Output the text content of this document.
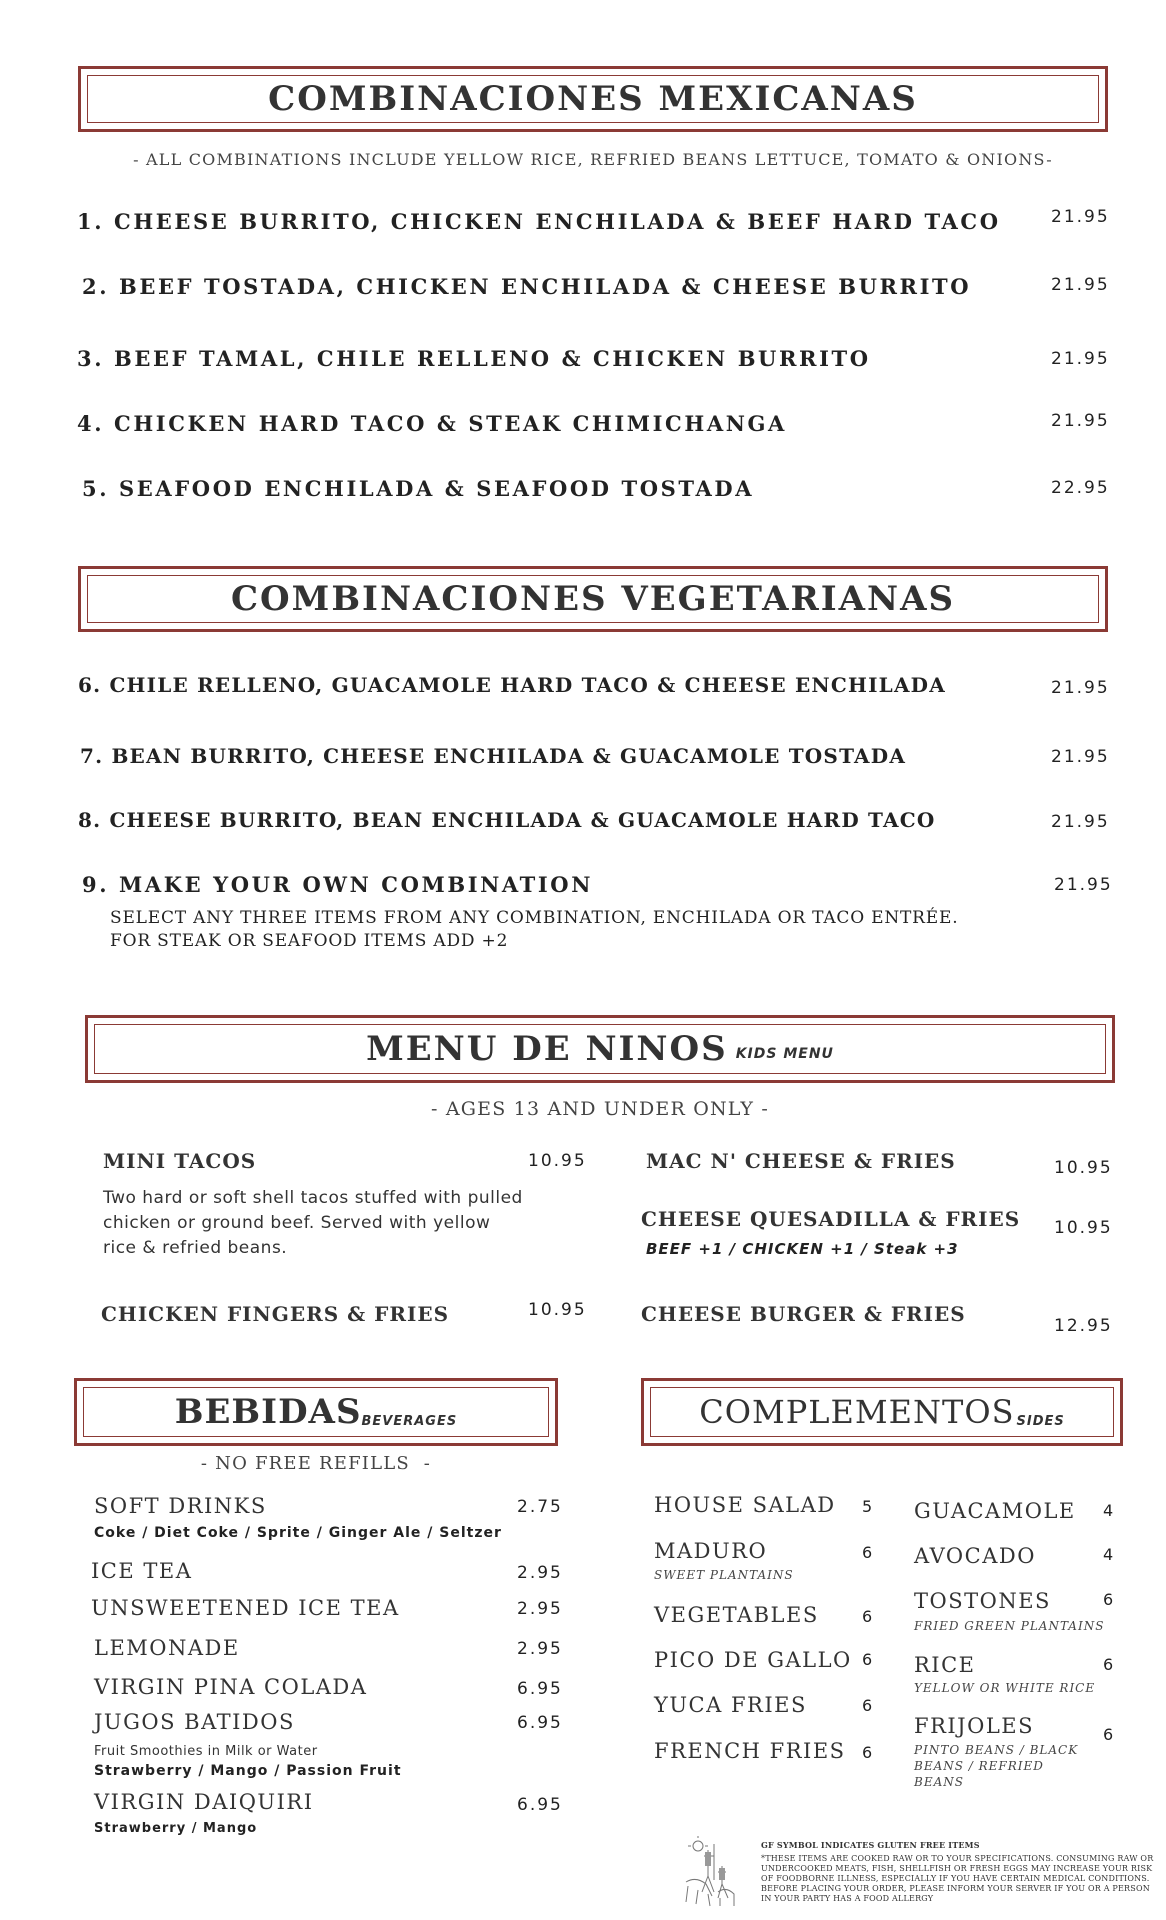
COMBINACIONES MEXICANAS
- ALL COMBINATIONS INCLUDE YELLOW RICE, REFRIED BEANS LETTUCE, TOMATO & ONIONS-
1. CHEESE BURRITO, CHICKEN ENCHILADA & BEEF HARD TACO	21.95
2. BEEF TOSTADA, CHICKEN ENCHILADA & CHEESE BURRITO	21.95
3. BEEF TAMAL, CHILE RELLENO & CHICKEN BURRITO	21.95
4. CHICKEN HARD TACO & STEAK CHIMICHANGA	21.95
5. SEAFOOD ENCHILADA & SEAFOOD TOSTADA	22.95
COMBINACIONES VEGETARIANAS
6. CHILE RELLENO, GUACAMOLE HARD TACO & CHEESE ENCHILADA	21.95
7. BEAN BURRITO, CHEESE ENCHILADA & GUACAMOLE TOSTADA	21.95
8. CHEESE BURRITO, BEAN ENCHILADA & GUACAMOLE HARD TACO	21.95
9. MAKE YOUR OWN COMBINATION	21.95
SELECT ANY THREE ITEMS FROM ANY COMBINATION, ENCHILADA OR TACO ENTRÉE.
FOR STEAK OR SEAFOOD ITEMS ADD +2
MENU DE NINOS KIDS MENU
- AGES 13 AND UNDER ONLY -
MINI TACOS	10.95
Two hard or soft shell tacos stuffed with pulled chicken or ground beef. Served with yellow rice & refried beans.
CHICKEN FINGERS & FRIES	10.95
MAC N' CHEESE & FRIES	10.95
CHEESE QUESADILLA & FRIES 10.95
BEEF +1 / CHICKEN +1 / Steak +3
CHEESE BURGER & FRIES	12.95
BEBIDAS BEVERAGES
- NO FREE REFILLS  -
SOFT DRINKS	2.75
Coke / Diet Coke / Sprite / Ginger Ale / Seltzer
ICE TEA	2.95
UNSWEETENED ICE TEA	2.95
LEMONADE	2.95
VIRGIN PINA COLADA	6.95
JUGOS BATIDOS	6.95
Fruit Smoothies in Milk or Water
Strawberry / Mango / Passion Fruit
VIRGIN DAIQUIRI	6.95
Strawberry / Mango
COMPLEMENTOS SIDES
HOUSE SALAD 5
MADURO	6
SWEET PLANTAINS
VEGETABLES	6
PICO DE GALLO 6
YUCA FRIES	6
FRENCH FRIES 6
GUACAMOLE 4
AVOCADO	4
TOSTONES	6
FRIED GREEN PLANTAINS
RICE	6
YELLOW OR WHITE RICE
FRIJOLES	6
PINTO BEANS / BLACK BEANS / REFRIED BEANS
GF SYMBOL INDICATES GLUTEN FREE ITEMS
*THESE ITEMS ARE COOKED RAW OR TO YOUR SPECIFICATIONS. CONSUMING RAW OR UNDERCOOKED MEATS, FISH, SHELLFISH OR FRESH EGGS MAY INCREASE YOUR RISK OF FOODBORNE ILLNESS, ESPECIALLY IF YOU HAVE CERTAIN MEDICAL CONDITIONS. BEFORE PLACING YOUR ORDER, PLEASE INFORM YOUR SERVER IF YOU OR A PERSON IN YOUR PARTY HAS A FOOD ALLERGY
